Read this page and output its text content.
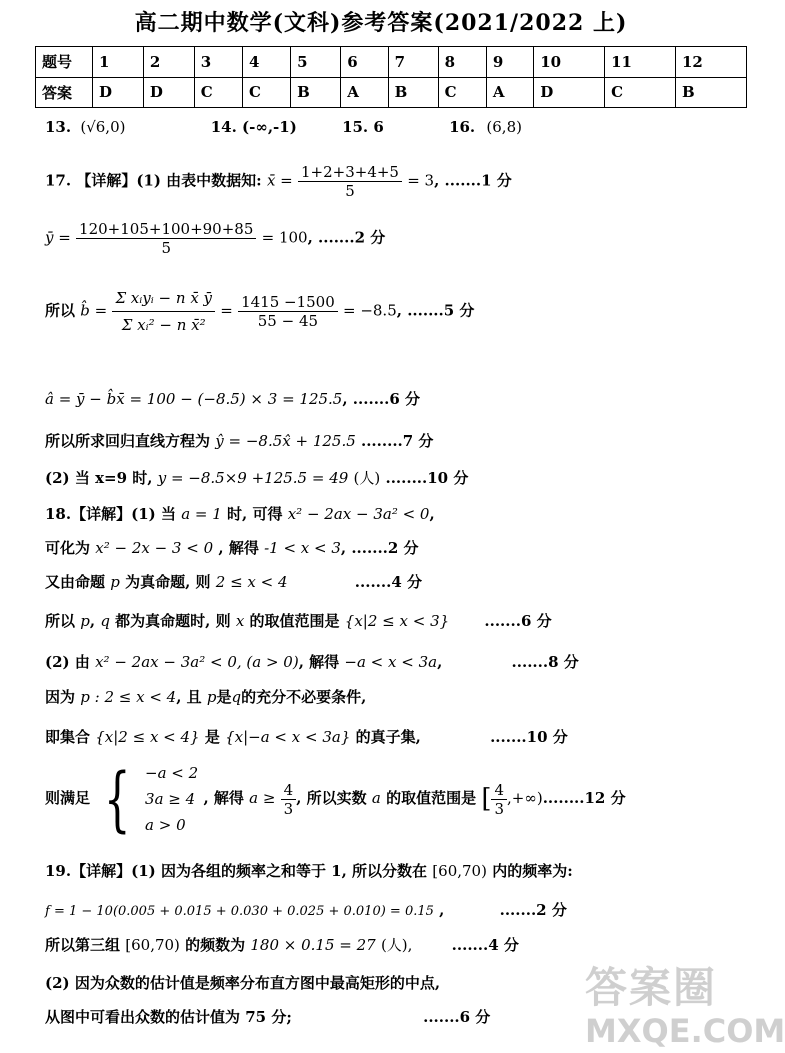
高二期中数学(文科)参考答案(2021/2022 上)
题号	1	2	3	4	5	6	7	8	9	10	11	12
答案	D	D	C	C	B	A	B	C	A	D	C	B
13. (√6,0)	14. (-∞,-1)	15. 6	16. (6,8)
17. 【详解】(1) 由表中数据知: x̄ = $\frac{1+2+3+4+5}{5} = 3$, .......1 分
ȳ = $\frac{120+105+100+90+85}{5} = 100$, .......2 分
所以 b̂ = $\frac{\text{Σ xᵢyᵢ − n x̄ ȳ}}{\text{Σ xᵢ² − n x̄²}} = \frac{1415 -1500}{55 - 45} = -8.5$, .......5 分
â = ȳ − b̂x̄ = 100 − (−8.5) × 3 = 125.5, .......6 分
所以所求回归直线方程为 ŷ = −8.5x̂ + 125.5 ........7 分
(2) 当 x=9 时, y = −8.5×9 +125.5 = 49 (人) ........10 分
18.【详解】(1) 当 a = 1 时, 可得 x² − 2ax − 3a² < 0,
可化为 x² − 2x − 3 < 0 , 解得 -1 < x < 3, .......2 分
又由命题 p 为真命题, 则 2 ≤ x < 4	.......4 分
所以 p, q 都为真命题时, 则 x 的取值范围是 {x|2 ≤ x < 3} .......6 分
(2) 由 x² − 2ax − 3a² < 0, (a > 0), 解得 −a < x < 3a,	.......8 分
因为 p : 2 ≤ x < 4, 且 p是q的充分不必要条件,
即集合 {x|2 ≤ x < 4} 是 {x|−a < x < 3a} 的真子集,	.......10 分
则满足 { −a < 2
3a ≥ 4
a > 0
, 解得 $a \ge \frac{4}{3}$ , 所以实数 a 的取值范围是 [ $\frac{4}{3} ,+\infty)........12$ 分
19.【详解】(1) 因为各组的频率之和等于 1, 所以分数在 [60,70) 内的频率为:
f = 1 − 10(0.005 + 0.015 + 0.030 + 0.025 + 0.010) = 0.15 ,	.......2 分
所以第三组 [60,70) 的频数为 180 × 0.15 = 27 (人),	.......4 分
(2) 因为众数的估计值是频率分布直方图中最高矩形的中点,
从图中可看出众数的估计值为 75 分;	.......6 分
答案圈
MXQE.COM
